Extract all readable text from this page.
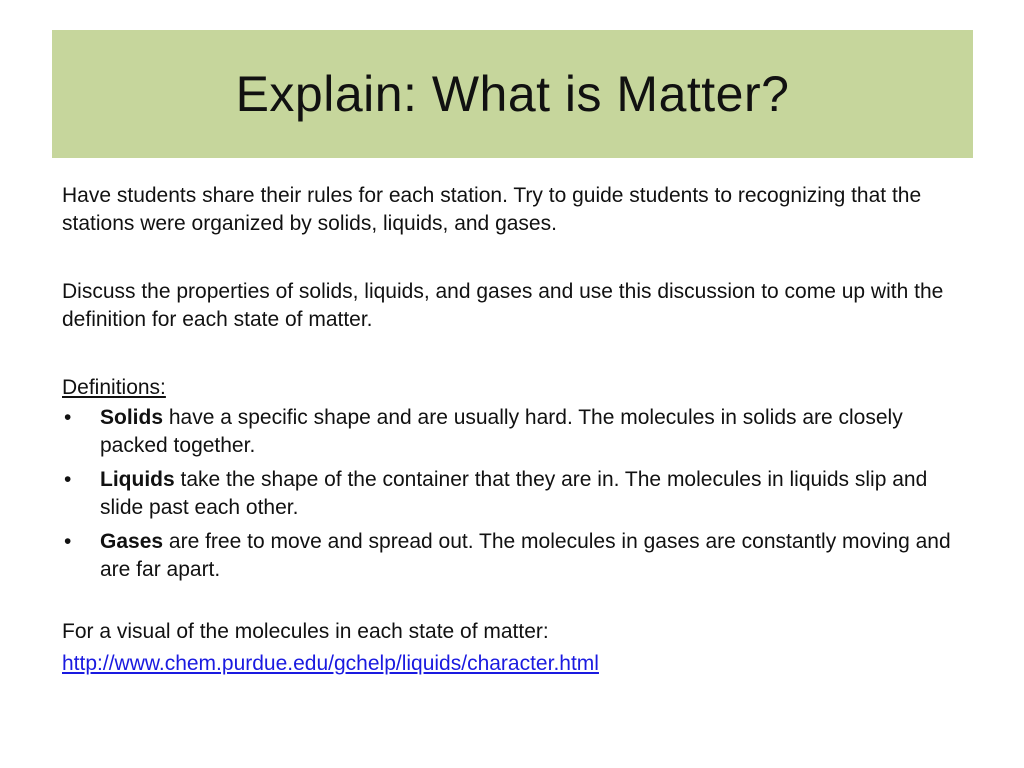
Explain: What is Matter?

Have students share their rules for each station. Try to guide students to recognizing that the stations were organized by solids, liquids, and gases.

Discuss the properties of solids, liquids, and gases and use this discussion to come up with the definition for each state of matter.

Definitions:
•	Solids have a specific shape and are usually hard. The molecules in solids are closely packed together.
•	Liquids take the shape of the container that they are in. The molecules in liquids slip and slide past each other.
•	Gases are free to move and spread out. The molecules in gases are constantly moving and are far apart.

For a visual of the molecules in each state of matter:

http://www.chem.purdue.edu/gchelp/liquids/character.html
